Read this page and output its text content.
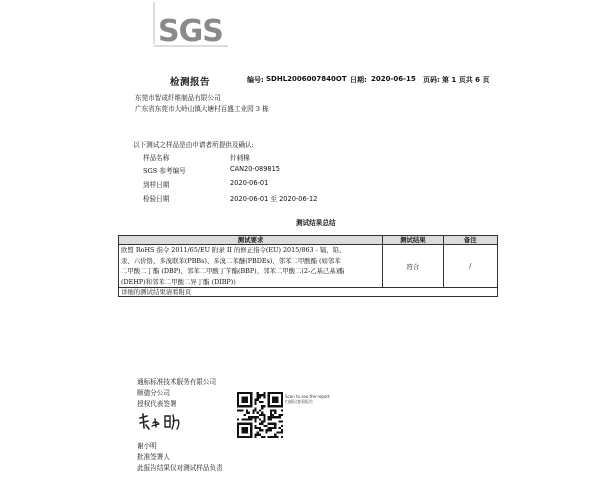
SGS
检测报告	编号: SDHL2006007840OT 日期: 2020-06-15 页码: 第 1 页共 6 页
东莞市智成纤维制品有限公司
广东省东莞市大岭山镇大塘村百盛工业园 3 栋
以下测试之样品是由申请者所提供及确认:
样品名称	针刺棉
SGS 参考编号	CAN20-089815
到样日期	2020-06-01
检验日期	2020-06-01 至 2020-06-12
测试结果总结
测试要求	测试结果	备注

欧盟 RoHS 指令 2011/65/EU 附录 II 的修正指令(EU) 2015/863 - 镉、铅、
汞、六价铬、多溴联苯(PBBs)、多溴二苯醚(PBDEs)、邻苯二甲酸酯 (如邻苯
二甲酸二丁酯 (DBP)、邻苯二甲酸丁苄酯(BBP)、邻苯二甲酸二(2-乙基己基)酯
(DEHP)和邻苯二甲酸二异丁酯 (DIBP))	符合	/
详细的测试结果请看附页		
通标标准技术服务有限公司
顺德分公司
授权代表签署
谢小明
批准签署人
此报告结果仅对测试样品负责
Scan to see the report
扫描以查看报告
